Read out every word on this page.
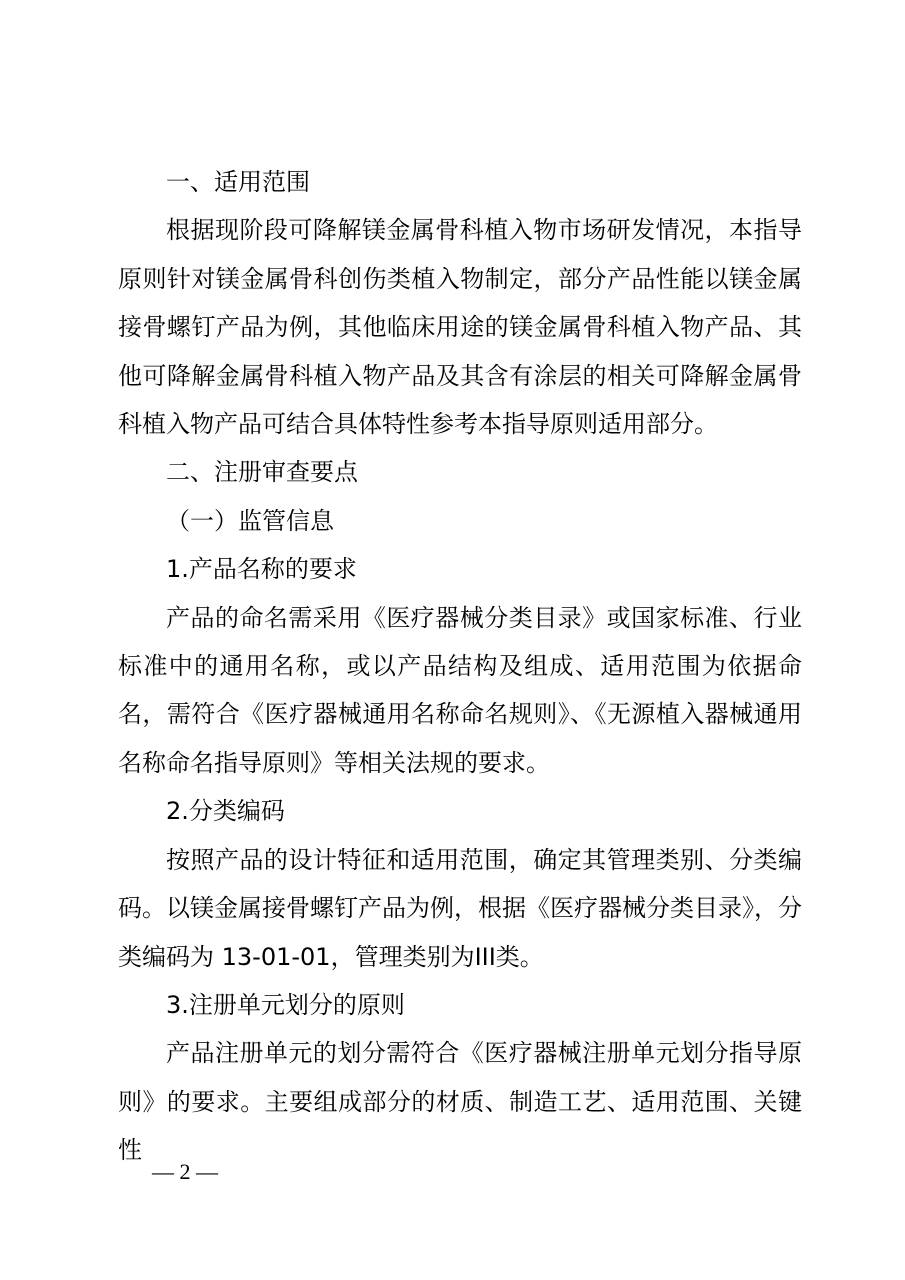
一、适用范围

根据现阶段可降解镁金属骨科植入物市场研发情况，本指导原则针对镁金属骨科创伤类植入物制定，部分产品性能以镁金属接骨螺钉产品为例，其他临床用途的镁金属骨科植入物产品、其他可降解金属骨科植入物产品及其含有涂层的相关可降解金属骨科植入物产品可结合具体特性参考本指导原则适用部分。

二、注册审查要点

（一）监管信息

1.产品名称的要求

产品的命名需采用《医疗器械分类目录》或国家标准、行业标准中的通用名称，或以产品结构及组成、适用范围为依据命名，需符合《医疗器械通用名称命名规则》、《无源植入器械通用名称命名指导原则》等相关法规的要求。

2.分类编码

按照产品的设计特征和适用范围，确定其管理类别、分类编码。以镁金属接骨螺钉产品为例，根据《医疗器械分类目录》，分类编码为 13-01-01，管理类别为III类。

3.注册单元划分的原则

产品注册单元的划分需符合《医疗器械注册单元划分指导原则》的要求。主要组成部分的材质、制造工艺、适用范围、关键性

— 2 —
